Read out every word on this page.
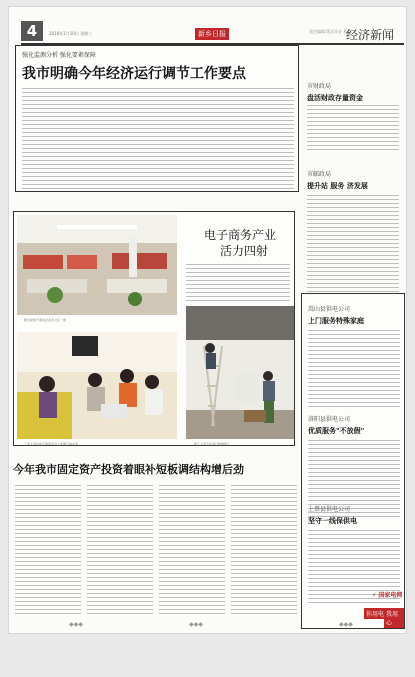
4	2018年1月10日 星期三	新乡日报	责任编辑 版式设计 校对
经济新闻
强化监测分析 强化要素保障
我市明确今年经济运行调节工作要点
市财政局
盘活财政存量资金
市邮政局
提升站 服务 济发展
图为某电子商务企业办公区一角
工作人员在电子商务平台上处理订单业务
电子商务产业
活力四射
施工人员正在进行装修施工
嵩山县供电公司
上门服务特殊家庭
洛阳县供电公司
优质服务"不放假"
上蔡县供电公司
坚守一线保供电
⚡ 国家电网
你用电 我用心
今年我市固定资产投资着眼补短板调结构增后劲
◆◆◆	◆◆◆	◆◆◆
